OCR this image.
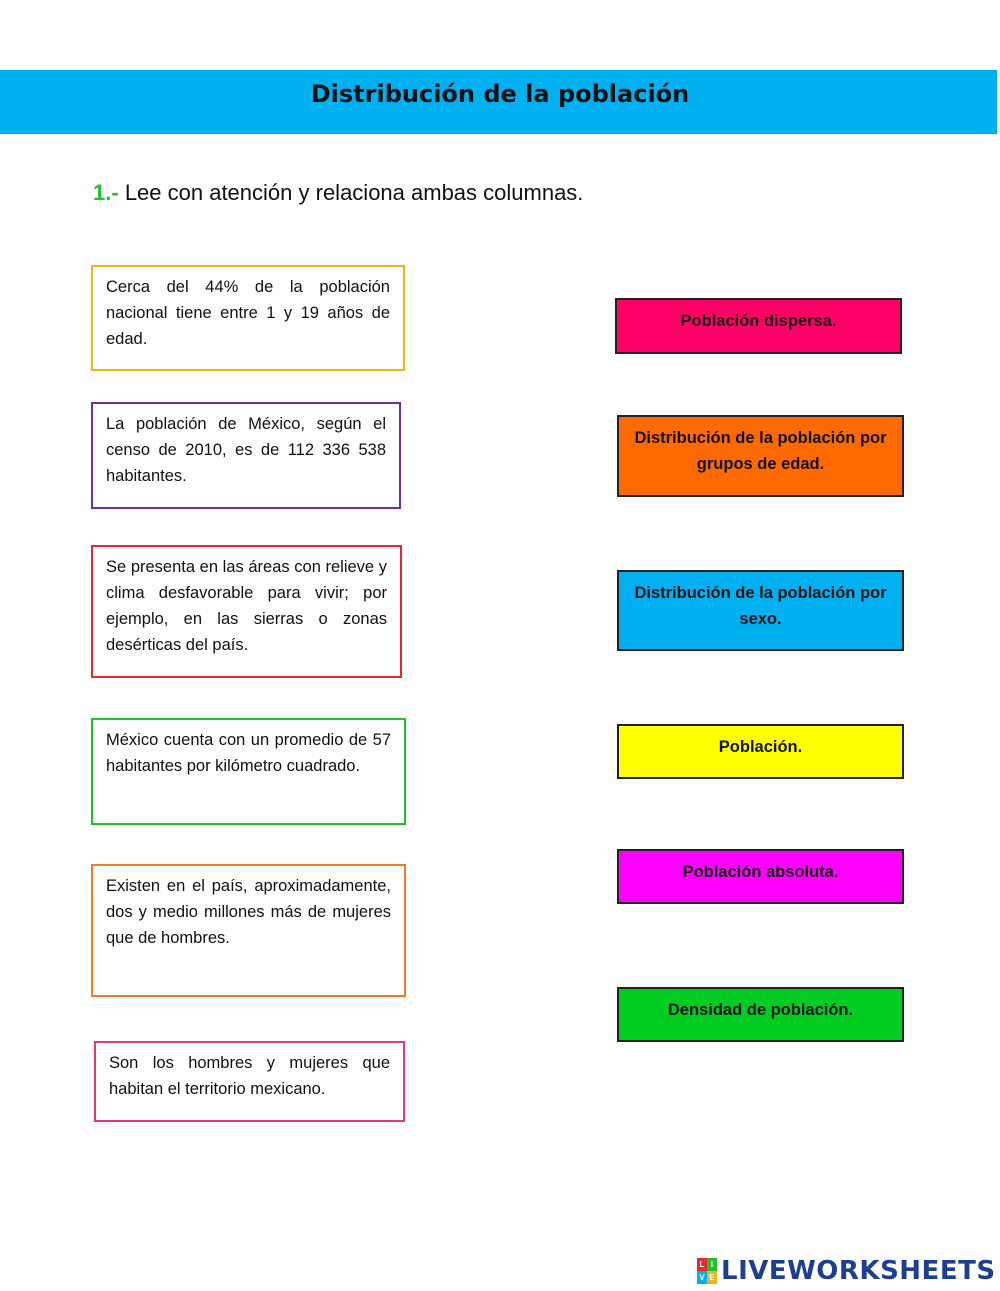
Distribución de la población
1.- Lee con atención y relaciona ambas columnas.
Cerca del 44% de la población nacional tiene entre 1 y 19 años de edad.
La población de México, según el censo de 2010, es de 112 336 538 habitantes.
Se presenta en las áreas con relieve y clima desfavorable para vivir; por ejemplo, en las sierras o zonas desérticas del país.
México cuenta con un promedio de 57 habitantes por kilómetro cuadrado.
Existen en el país, aproximadamente, dos y medio millones más de mujeres que de hombres.
Son los hombres y mujeres que habitan el territorio mexicano.
Población dispersa.
Distribución de la población por grupos de edad.
Distribución de la población por sexo.
Población.
Población absoluta.
Densidad de población.
L I
V E LIVEWORKSHEETS
